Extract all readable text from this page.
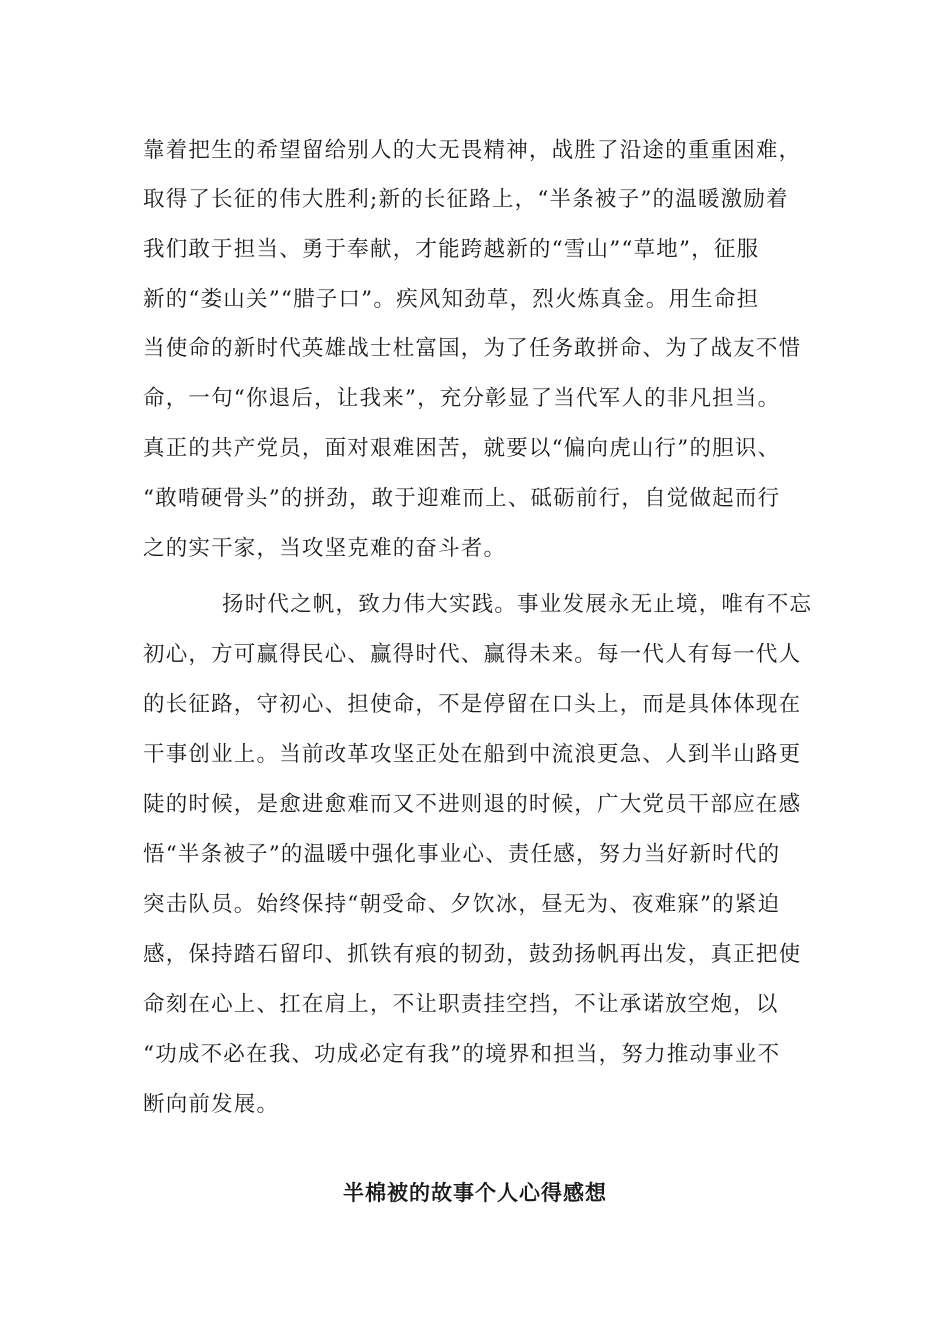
靠着把生的希望留给别人的大无畏精神，战胜了沿途的重重困难，
取得了长征的伟大胜利;新的长征路上，“半条被子”的温暖激励着
我们敢于担当、勇于奉献，才能跨越新的“雪山”“草地”，征服
新的“娄山关”“腊子口”。疾风知劲草，烈火炼真金。用生命担
当使命的新时代英雄战士杜富国，为了任务敢拼命、为了战友不惜
命，一句“你退后，让我来”，充分彰显了当代军人的非凡担当。
真正的共产党员，面对艰难困苦，就要以“偏向虎山行”的胆识、
“敢啃硬骨头”的拼劲，敢于迎难而上、砥砺前行，自觉做起而行
之的实干家，当攻坚克难的奋斗者。
扬时代之帆，致力伟大实践。事业发展永无止境，唯有不忘
初心，方可赢得民心、赢得时代、赢得未来。每一代人有每一代人
的长征路，守初心、担使命，不是停留在口头上，而是具体体现在
干事创业上。当前改革攻坚正处在船到中流浪更急、人到半山路更
陡的时候，是愈进愈难而又不进则退的时候，广大党员干部应在感
悟“半条被子”的温暖中强化事业心、责任感，努力当好新时代的
突击队员。始终保持“朝受命、夕饮冰，昼无为、夜难寐”的紧迫
感，保持踏石留印、抓铁有痕的韧劲，鼓劲扬帆再出发，真正把使
命刻在心上、扛在肩上，不让职责挂空挡，不让承诺放空炮，以
“功成不必在我、功成必定有我”的境界和担当，努力推动事业不
断向前发展。
半棉被的故事个人心得感想
